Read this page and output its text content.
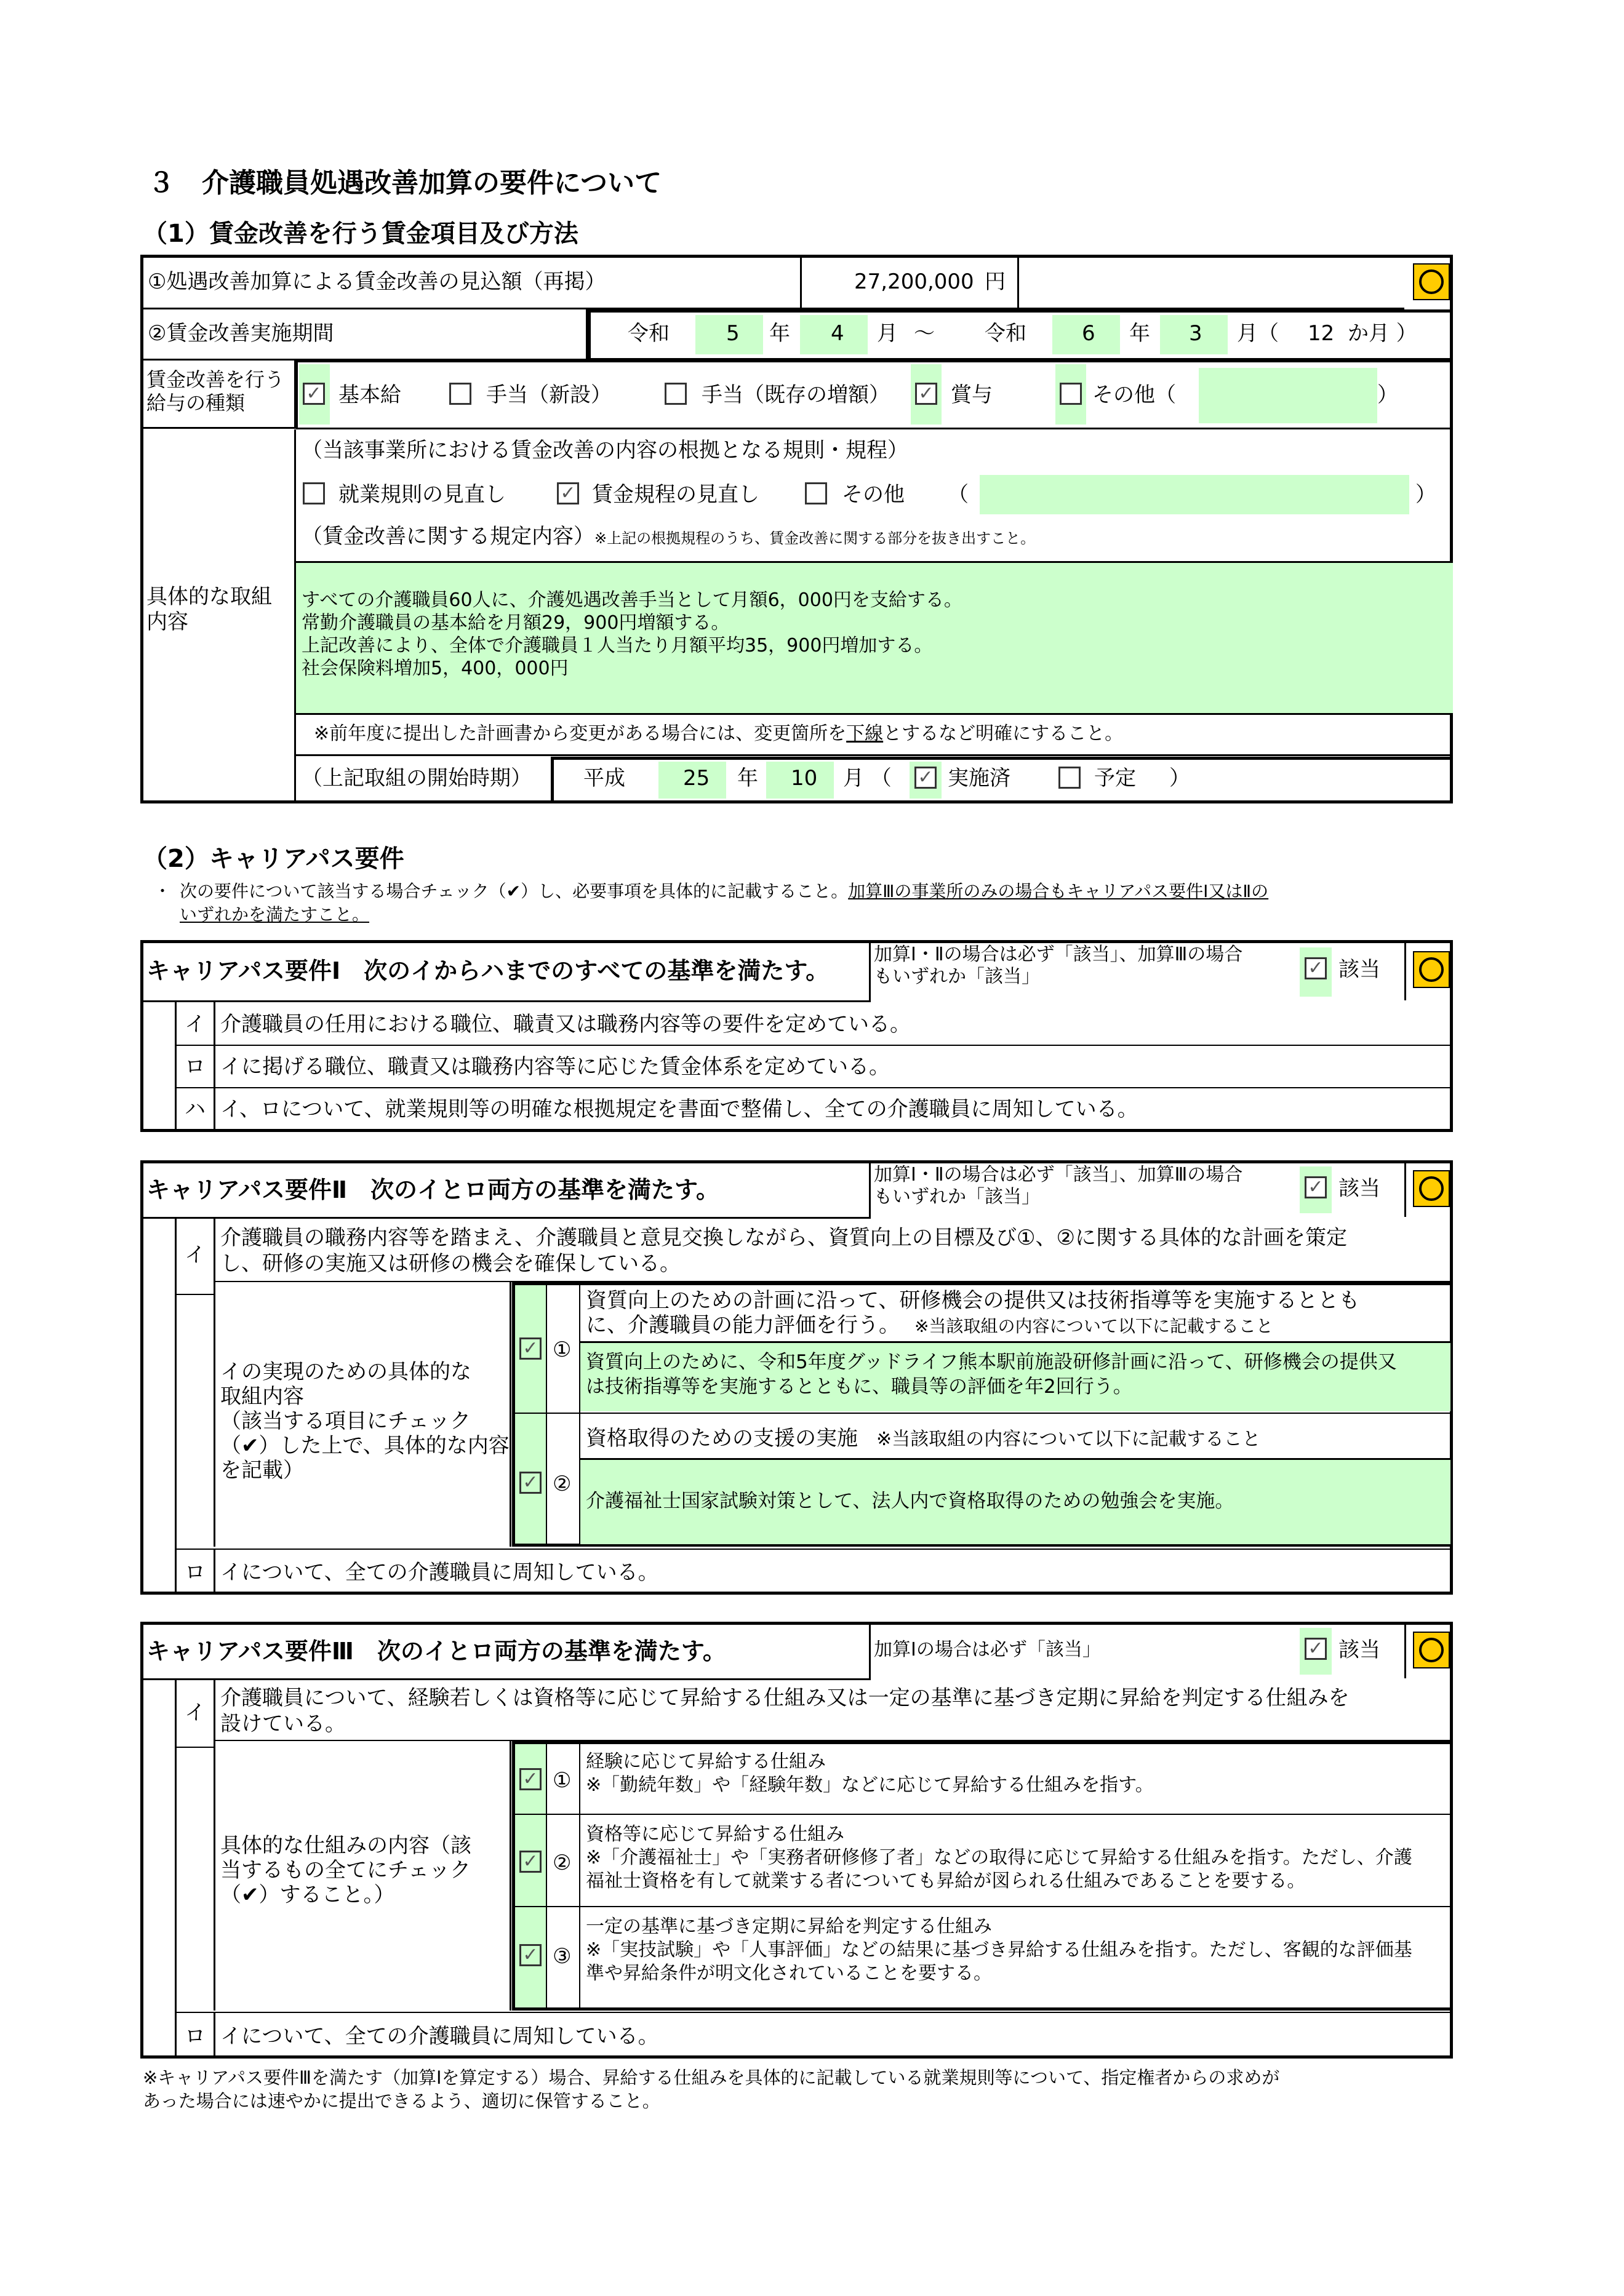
３　介護職員処遇改善加算の要件について
（1）賃金改善を行う賃金項目及び方法
①処遇改善加算による賃金改善の見込額（再掲）	27,200,000 円
②賃金改善実施期間	令和	5 年 4 月 ～ 令和	6 年 3 月（ 12 か月 ）
賃金改善を行う給与の種類	✓ 基本給	手当（新設）	手当（既存の増額） ✓ 賞与	その他（	）
具体的な取組内容
（当該事業所における賃金改善の内容の根拠となる規則・規程）
就業規則の見直し	✓ 賃金規程の見直し	その他 （	）
（賃金改善に関する規定内容）※上記の根拠規程のうち、賃金改善に関する部分を抜き出すこと。
すべての介護職員60人に、介護処遇改善手当として月額6，000円を支給する。
常勤介護職員の基本給を月額29，900円増額する。
上記改善により、全体で介護職員１人当たり月額平均35，900円増加する。
社会保険料増加5，400，000円
※前年度に提出した計画書から変更がある場合には、変更箇所を下線とするなど明確にすること。
（上記取組の開始時期） 平成	25 年 10 月 （ ✓ 実施済	予定 ）
（2）キャリアパス要件
・ 次の要件について該当する場合チェック（✔）し、必要事項を具体的に記載すること。加算Ⅲの事業所のみの場合もキャリアパス要件Ⅰ又はⅡの
いずれかを満たすこと。
キャリアパス要件Ⅰ　次のイからハまでのすべての基準を満たす。
加算Ⅰ・Ⅱの場合は必ず「該当」、加算Ⅲの場合
もいずれか「該当」	✓ 該当
イ 介護職員の任用における職位、職責又は職務内容等の要件を定めている。
ロ イに掲げる職位、職責又は職務内容等に応じた賃金体系を定めている。
ハ イ、ロについて、就業規則等の明確な根拠規定を書面で整備し、全ての介護職員に周知している。
キャリアパス要件Ⅱ　次のイとロ両方の基準を満たす。
加算Ⅰ・Ⅱの場合は必ず「該当」、加算Ⅲの場合
もいずれか「該当」	✓ 該当
イ
介護職員の職務内容等を踏まえ、介護職員と意見交換しながら、資質向上の目標及び①、②に関する具体的な計画を策定
し、研修の実施又は研修の機会を確保している。
イの実現のための具体的な
取組内容
（該当する項目にチェック
（✔）した上で、具体的な内容
を記載）
✓ ①
資質向上のための計画に沿って、研修機会の提供又は技術指導等を実施するととも
に、介護職員の能力評価を行う。 ※当該取組の内容について以下に記載すること
資質向上のために、令和5年度グッドライフ熊本駅前施設研修計画に沿って、研修機会の提供又
は技術指導等を実施するとともに、職員等の評価を年2回行う。
✓ ②
資格取得のための支援の実施 ※当該取組の内容について以下に記載すること
介護福祉士国家試験対策として、法人内で資格取得のための勉強会を実施。
ロ イについて、全ての介護職員に周知している。
キャリアパス要件Ⅲ　次のイとロ両方の基準を満たす。	加算Ⅰの場合は必ず「該当」	✓ 該当
イ
介護職員について、経験若しくは資格等に応じて昇給する仕組み又は一定の基準に基づき定期に昇給を判定する仕組みを
設けている。
具体的な仕組みの内容（該
当するもの全てにチェック
（✔）すること。）
✓ ①
経験に応じて昇給する仕組み
※「勤続年数」や「経験年数」などに応じて昇給する仕組みを指す。
✓ ②
資格等に応じて昇給する仕組み
※「介護福祉士」や「実務者研修修了者」などの取得に応じて昇給する仕組みを指す。ただし、介護
福祉士資格を有して就業する者についても昇給が図られる仕組みであることを要する。
✓ ③
一定の基準に基づき定期に昇給を判定する仕組み
※「実技試験」や「人事評価」などの結果に基づき昇給する仕組みを指す。ただし、客観的な評価基
準や昇給条件が明文化されていることを要する。
ロ イについて、全ての介護職員に周知している。
※キャリアパス要件Ⅲを満たす（加算Ⅰを算定する）場合、昇給する仕組みを具体的に記載している就業規則等について、指定権者からの求めが
あった場合には速やかに提出できるよう、適切に保管すること。
